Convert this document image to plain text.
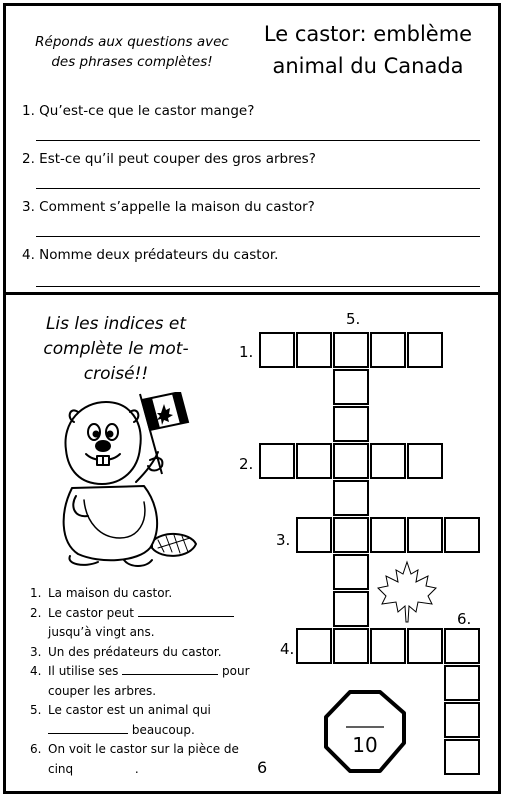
Réponds aux questions avec
des phrases complètes!
Le castor: emblème
animal du Canada
1. Qu’est-ce que le castor mange?
2. Est-ce qu’il peut couper des gros arbres?
3. Comment s’appelle la maison du castor?
4. Nomme deux prédateurs du castor.
Lis les indices et
complète le mot-
croisé!!
5.
1.
2.
3.
4.
6.
1. La maison du castor.
2. Le castor peut
jusqu’à vingt ans.
3. Un des prédateurs du castor.
4. Il utilise ses	pour
couper les arbres.
5. Le castor est un animal qui
beaucoup.
6. On voit le castor sur la pièce de
cinq	.
10
6
